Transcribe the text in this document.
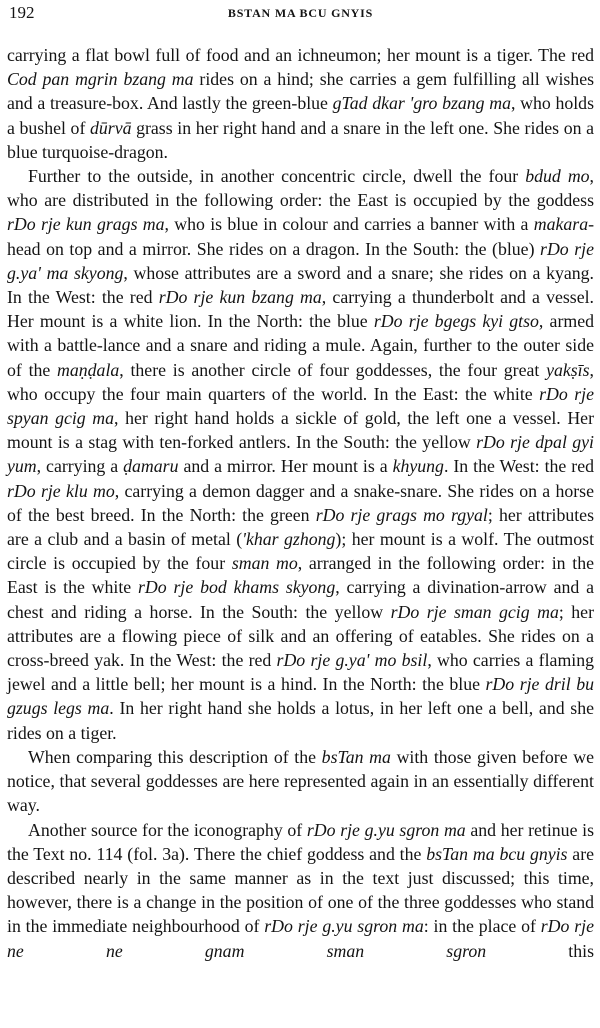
192	BSTAN MA BCU GNYIS

carrying a flat bowl full of food and an ichneumon; her mount is a tiger. The red Cod pan mgrin bzang ma rides on a hind; she carries a gem fulfilling all wishes and a treasure-box. And lastly the green-blue gTad dkar 'gro bzang ma, who holds a bushel of dūrvā grass in her right hand and a snare in the left one. She rides on a blue turquoise-dragon.

Further to the outside, in another concentric circle, dwell the four bdud mo, who are distributed in the following order: the East is occupied by the goddess rDo rje kun grags ma, who is blue in colour and carries a banner with a makara-head on top and a mirror. She rides on a dragon. In the South: the (blue) rDo rje g.ya' ma skyong, whose attributes are a sword and a snare; she rides on a kyang. In the West: the red rDo rje kun bzang ma, carrying a thunderbolt and a vessel. Her mount is a white lion. In the North: the blue rDo rje bgegs kyi gtso, armed with a battle-lance and a snare and riding a mule. Again, further to the outer side of the maṇḍala, there is another circle of four goddesses, the four great yakṣīs, who occupy the four main quarters of the world. In the East: the white rDo rje spyan gcig ma, her right hand holds a sickle of gold, the left one a vessel. Her mount is a stag with ten-forked antlers. In the South: the yellow rDo rje dpal gyi yum, carrying a ḍamaru and a mirror. Her mount is a khyung. In the West: the red rDo rje klu mo, carrying a demon dagger and a snake-snare. She rides on a horse of the best breed. In the North: the green rDo rje grags mo rgyal; her attributes are a club and a basin of metal ('khar gzhong); her mount is a wolf. The outmost circle is occupied by the four sman mo, arranged in the following order: in the East is the white rDo rje bod khams skyong, carrying a divination-arrow and a chest and riding a horse. In the South: the yellow rDo rje sman gcig ma; her attributes are a flowing piece of silk and an offering of eatables. She rides on a cross-breed yak. In the West: the red rDo rje g.ya' mo bsil, who carries a flaming jewel and a little bell; her mount is a hind. In the North: the blue rDo rje dril bu gzugs legs ma. In her right hand she holds a lotus, in her left one a bell, and she rides on a tiger.

When comparing this description of the bsTan ma with those given before we notice, that several goddesses are here represented again in an essentially different way.

Another source for the iconography of rDo rje g.yu sgron ma and her retinue is the Text no. 114 (fol. 3a). There the chief goddess and the bsTan ma bcu gnyis are described nearly in the same manner as in the text just discussed; this time, however, there is a change in the position of one of the three goddesses who stand in the immediate neighbourhood of rDo rje g.yu sgron ma: in the place of rDo rje ne ne gnam sman sgron this
